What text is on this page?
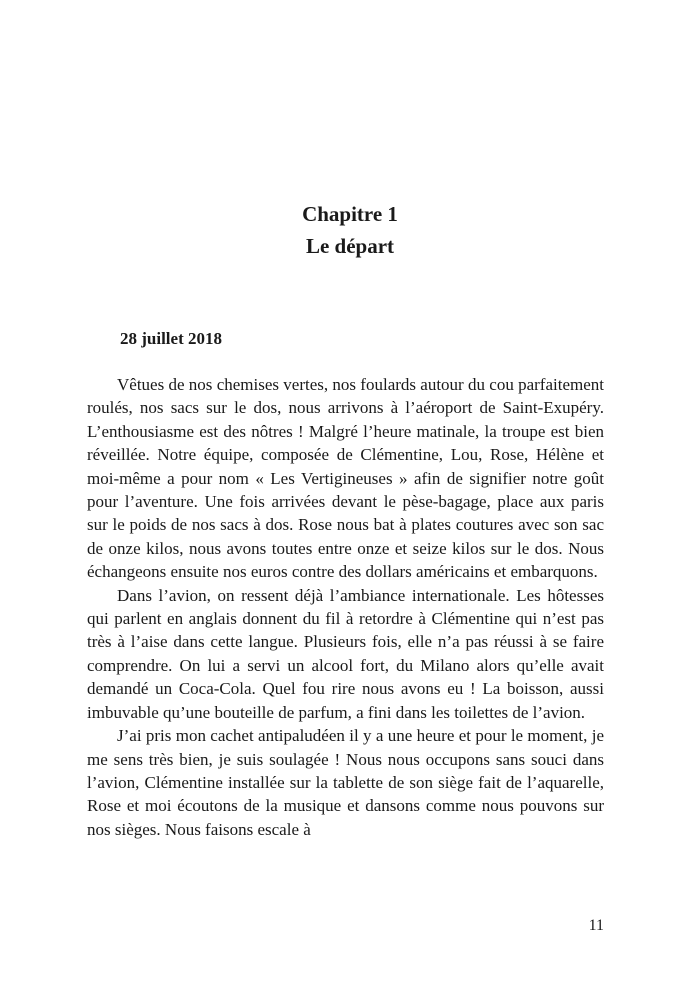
Chapitre 1
Le départ
28 juillet 2018

Vêtues de nos chemises vertes, nos foulards autour du cou parfaitement roulés, nos sacs sur le dos, nous arrivons à l’aéroport de Saint-Exupéry. L’enthousiasme est des nôtres ! Malgré l’heure matinale, la troupe est bien réveillée. Notre équipe, composée de Clémentine, Lou, Rose, Hélène et moi-même a pour nom « Les Vertigineuses » afin de signifier notre goût pour l’aventure. Une fois arrivées devant le pèse-bagage, place aux paris sur le poids de nos sacs à dos. Rose nous bat à plates coutures avec son sac de onze kilos, nous avons toutes entre onze et seize kilos sur le dos. Nous échangeons ensuite nos euros contre des dollars américains et embarquons.

Dans l’avion, on ressent déjà l’ambiance internationale. Les hôtesses qui parlent en anglais donnent du fil à retordre à Clémentine qui n’est pas très à l’aise dans cette langue. Plusieurs fois, elle n’a pas réussi à se faire comprendre. On lui a servi un alcool fort, du Milano alors qu’elle avait demandé un Coca-Cola. Quel fou rire nous avons eu ! La boisson, aussi imbuvable qu’une bouteille de parfum, a fini dans les toilettes de l’avion.

J’ai pris mon cachet antipaludéen il y a une heure et pour le moment, je me sens très bien, je suis soulagée ! Nous nous occupons sans souci dans l’avion, Clémentine installée sur la tablette de son siège fait de l’aquarelle, Rose et moi écoutons de la musique et dansons comme nous pouvons sur nos sièges. Nous faisons escale à

11
